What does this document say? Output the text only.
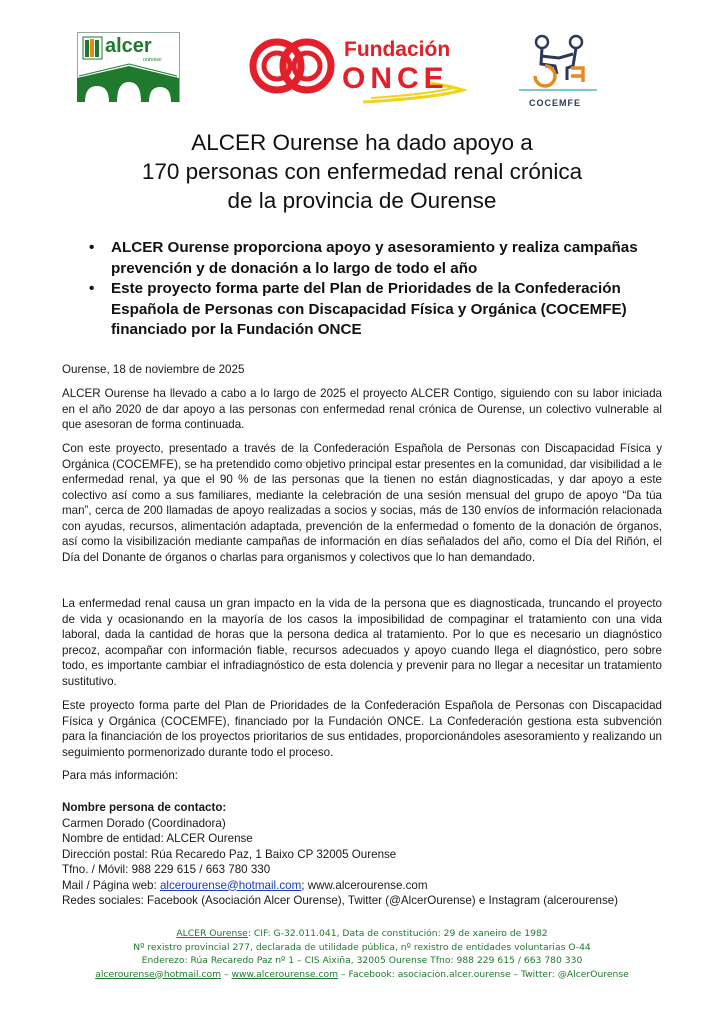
alcer
ourense	Fundación
ONCE
COCEMFE
ALCER Ourense ha dado apoyo a
170 personas con enfermedad renal crónica
de la provincia de Ourense
• ALCER Ourense proporciona apoyo y asesoramiento y realiza campañas prevención y de donación a lo largo de todo el año
• Este proyecto forma parte del Plan de Prioridades de la Confederación Española de Personas con Discapacidad Física y Orgánica (COCEMFE) financiado por la Fundación ONCE
Ourense, 18 de noviembre de 2025
ALCER Ourense ha llevado a cabo a lo largo de 2025 el proyecto ALCER Contigo, siguiendo con su labor iniciada en el año 2020 de dar apoyo a las personas con enfermedad renal crónica de Ourense, un colectivo vulnerable al que asesoran de forma continuada.
Con este proyecto, presentado a través de la Confederación Española de Personas con Discapacidad Física y Orgánica (COCEMFE), se ha pretendido como objetivo principal estar presentes en la comunidad, dar visibilidad a le enfermedad renal, ya que el 90 % de las personas que la tienen no están diagnosticadas, y dar apoyo a este colectivo así como a sus familiares, mediante la celebración de una sesión mensual del grupo de apoyo “Da túa man”, cerca de 200 llamadas de apoyo realizadas a socios y socias, más de 130 envíos de información relacionada con ayudas, recursos, alimentación adaptada, prevención de la enfermedad o fomento de la donación de órganos, así como la visibilización mediante campañas de información en días señalados del año, como el Día del Riñón, el Día del Donante de órganos o charlas para organismos y colectivos que lo han demandado.
La enfermedad renal causa un gran impacto en la vida de la persona que es diagnosticada, truncando el proyecto de vida y ocasionando en la mayoría de los casos la imposibilidad de compaginar el tratamiento con una vida laboral, dada la cantidad de horas que la persona dedica al tratamiento. Por lo que es necesario un diagnóstico precoz, acompañar con información fiable, recursos adecuados y apoyo cuando llega el diagnóstico, pero sobre todo, es importante cambiar el infradiagnóstico de esta dolencia y prevenir para no llegar a necesitar un tratamiento sustitutivo.
Este proyecto forma parte del Plan de Prioridades de la Confederación Española de Personas con Discapacidad Física y Orgánica (COCEMFE), financiado por la Fundación ONCE. La Confederación gestiona esta subvención para la financiación de los proyectos prioritarios de sus entidades, proporcionándoles asesoramiento y realizando un seguimiento pormenorizado durante todo el proceso.
Para más información:
Nombre persona de contacto:
Carmen Dorado (Coordinadora)
Nombre de entidad: ALCER Ourense
Dirección postal: Rúa Recaredo Paz, 1 Baixo CP 32005 Ourense
Tfno. / Móvil: 988 229 615 / 663 780 330
Mail / Página web: alcerourense@hotmail.com; www.alcerourense.com
Redes sociales: Facebook (Asociación Alcer Ourense), Twitter (@AlcerOurense) e Instagram (alcerourense)
ALCER Ourense: CIF: G-32.011.041, Data de constitución: 29 de xaneiro de 1982
Nº rexistro provincial 277, declarada de utilidade pública, nº rexistro de entidades voluntarias O-44
Enderezo: Rúa Recaredo Paz nº 1 – CIS Aixiña, 32005 Ourense Tfno: 988 229 615 / 663 780 330
alcerourense@hotmail.com – www.alcerourense.com – Facebook: asociacion.alcer.ourense – Twitter: @AlcerOurense
